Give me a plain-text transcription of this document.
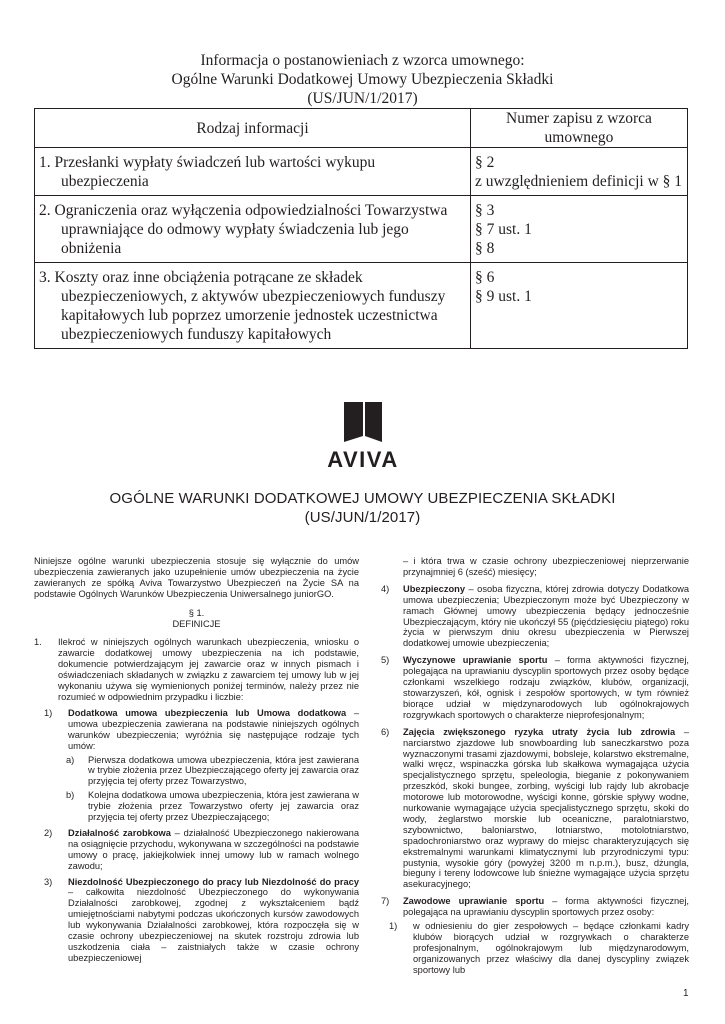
Informacja o postanowieniach z wzorca umownego:
Ogólne Warunki Dodatkowej Umowy Ubezpieczenia Składki
(US/JUN/1/2017)
Rodzaj informacji	Numer zapisu z wzorca umownego

1. Przesłanki wypłaty świadczeń lub wartości wykupu ubezpieczenia	§ 2
z uwzględnieniem definicji w § 1

2. Ograniczenia oraz wyłączenia odpowiedzialności Towarzystwa uprawniające do odmowy wypłaty świadczenia lub jego obniżenia	§ 3
§ 7 ust. 1
§ 8

3. Koszty oraz inne obciążenia potrącane ze składek ubezpieczeniowych, z aktywów ubezpieczeniowych funduszy kapitałowych lub poprzez umorzenie jednostek uczestnictwa ubezpieczeniowych funduszy kapitałowych	§ 6
§ 9 ust. 1
AVIVA
OGÓLNE WARUNKI DODATKOWEJ UMOWY UBEZPIECZENIA SKŁADKI
(US/JUN/1/2017)

Niniejsze ogólne warunki ubezpieczenia stosuje się wyłącznie do umów ubezpieczenia zawieranych jako uzupełnienie umów ubezpieczenia na życie zawieranych ze spółką Aviva Towarzystwo Ubezpieczeń na Życie SA na podstawie Ogólnych Warunków Ubezpieczenia Uniwersalnego juniorGO.

§ 1.

DEFINICJE

1. Ilekroć w niniejszych ogólnych warunkach ubezpieczenia, wniosku o zawarcie dodatkowej umowy ubezpieczenia na ich podstawie, dokumencie potwierdzającym jej zawarcie oraz w innych pismach i oświadczeniach składanych w związku z zawarciem tej umowy lub w jej wykonaniu używa się wymienionych poniżej terminów, należy przez nie rozumieć w odpowiednim przypadku i liczbie:
1) Dodatkowa umowa ubezpieczenia lub Umowa dodatkowa – umowa ubezpieczenia zawierana na podstawie niniejszych ogólnych warunków ubezpieczenia; wyróżnia się następujące rodzaje tych umów:
a) Pierwsza dodatkowa umowa ubezpieczenia, która jest zawierana w trybie złożenia przez Ubezpieczającego oferty jej zawarcia oraz przyjęcia tej oferty przez Towarzystwo,
b) Kolejna dodatkowa umowa ubezpieczenia, która jest zawierana w trybie złożenia przez Towarzystwo oferty jej zawarcia oraz przyjęcia tej oferty przez Ubezpieczającego;
2) Działalność zarobkowa – działalność Ubezpieczonego nakierowana na osiągnięcie przychodu, wykonywana w szczególności na podstawie umowy o pracę, jakiejkolwiek innej umowy lub w ramach wolnego zawodu;
3) Niezdolność Ubezpieczonego do pracy lub Niezdolność do pracy – całkowita niezdolność Ubezpieczonego do wykonywania Działalności zarobkowej, zgodnej z wykształceniem bądź umiejętnościami nabytymi podczas ukończonych kursów zawodowych lub wykonywania Działalności zarobkowej, która rozpoczęła się w czasie ochrony ubezpieczeniowej na skutek rozstroju zdrowia lub uszkodzenia ciała – zaistniałych także w czasie ochrony ubezpieczeniowej

– i która trwa w czasie ochrony ubezpieczeniowej nieprzerwanie przynajmniej 6 (sześć) miesięcy;

4) Ubezpieczony – osoba fizyczna, której zdrowia dotyczy Dodatkowa umowa ubezpieczenia; Ubezpieczonym może być Ubezpieczony w ramach Głównej umowy ubezpieczenia będący jednocześnie Ubezpieczającym, który nie ukończył 55 (pięćdziesięciu piątego) roku życia w pierwszym dniu okresu ubezpieczenia w Pierwszej dodatkowej umowie ubezpieczenia;
5) Wyczynowe uprawianie sportu – forma aktywności fizycznej, polegająca na uprawianiu dyscyplin sportowych przez osoby będące członkami wszelkiego rodzaju związków, klubów, organizacji, stowarzyszeń, kół, ognisk i zespołów sportowych, w tym również biorące udział w międzynarodowych lub ogólnokrajowych rozgrywkach sportowych o charakterze nieprofesjonalnym;
6) Zajęcia zwiększonego ryzyka utraty życia lub zdrowia – narciarstwo zjazdowe lub snowboarding lub saneczkarstwo poza wyznaczonymi trasami zjazdowymi, bobsleje, kolarstwo ekstremalne, walki wręcz, wspinaczka górska lub skałkowa wymagająca użycia specjalistycznego sprzętu, speleologia, bieganie z pokonywaniem przeszkód, skoki bungee, zorbing, wyścigi lub rajdy lub akrobacje motorowe lub motorowodne, wyścigi konne, górskie spływy wodne, nurkowanie wymagające użycia specjalistycznego sprzętu, skoki do wody, żeglarstwo morskie lub oceaniczne, paralotniarstwo, szybownictwo, baloniarstwo, lotniarstwo, motolotniarstwo, spadochroniarstwo oraz wyprawy do miejsc charakteryzujących się ekstremalnymi warunkami klimatycznymi lub przyrodniczymi typu: pustynia, wysokie góry (powyżej 3200 m n.p.m.), busz, dżungla, bieguny i tereny lodowcowe lub śnieżne wymagające użycia sprzętu asekuracyjnego;
7) Zawodowe uprawianie sportu – forma aktywności fizycznej, polegająca na uprawianiu dyscyplin sportowych przez osoby:
1) w odniesieniu do gier zespołowych – będące członkami kadry klubów biorących udział w rozgrywkach o charakterze profesjonalnym, ogólnokrajowym lub międzynarodowym, organizowanych przez właściwy dla danej dyscypliny związek sportowy lub
1
